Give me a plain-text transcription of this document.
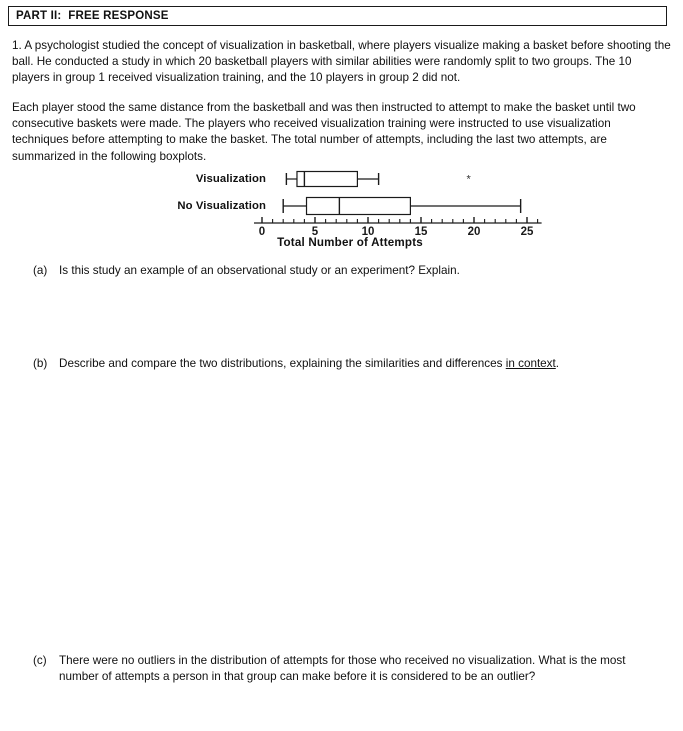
PART II:  FREE RESPONSE
1. A psychologist studied the concept of visualization in basketball, where players visualize making a basket before shooting the ball. He conducted a study in which 20 basketball players with similar abilities were randomly split to two groups. The 10 players in group 1 received visualization training, and the 10 players in group 2 did not.
Each player stood the same distance from the basketball and was then instructed to attempt to make the basket until two consecutive baskets were made. The players who received visualization training were instructed to use visualization techniques before attempting to make the basket. The total number of attempts, including the last two attempts, are summarized in the following boxplots.
Visualization
No Visualization
*
0	5	10	15	20	25
Total Number of Attempts
(a)	Is this study an example of an observational study or an experiment? Explain.
(b)	Describe and compare the two distributions, explaining the similarities and differences in context.
(c)	There were no outliers in the distribution of attempts for those who received no visualization. What is the most number of attempts a person in that group can make before it is considered to be an outlier?
